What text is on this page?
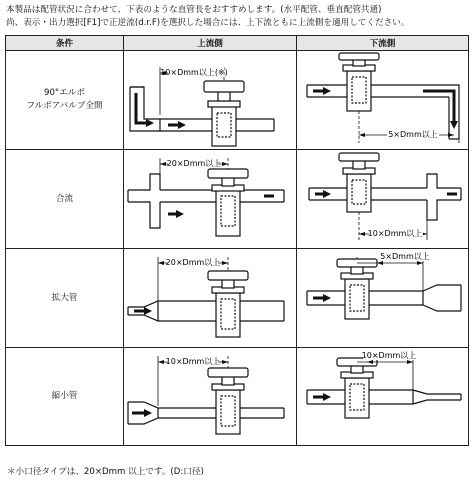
本製品は配管状況に合わせて、下表のような直管長をおすすめします。(水平配管、垂直配管共通)
尚、表示・出力選択[F1]で正逆流(d.r.F)を選択した場合には、上下流ともに上流側を適用してください。
条件	上流側	下流側

90°エルボ
フルボアバルブ全開	10×Dmm以上(※)	5×Dmm以上

合流	20×Dmm以上	10×Dmm以上

拡大管	20×Dmm以上	5×Dmm以上

縮小管	10×Dmm以上	10×Dmm以上
＊小口径タイプは、20×Dmm 以上です。(D:口径)
